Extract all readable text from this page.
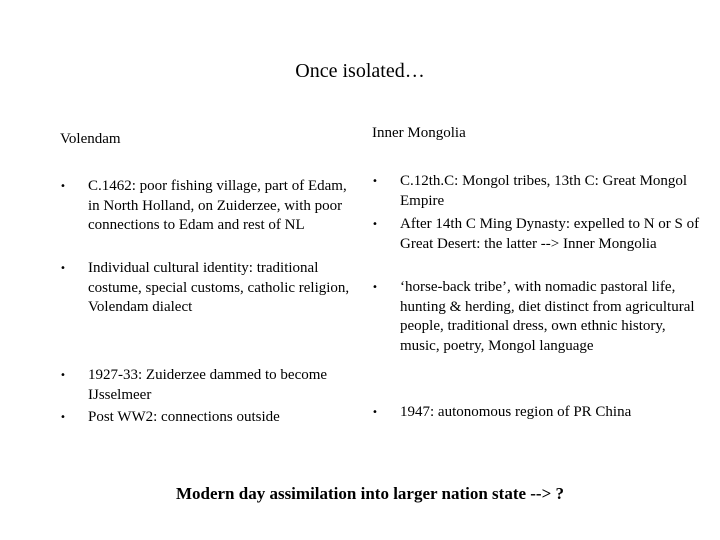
Once isolated…
Volendam
• C.1462: poor fishing village, part of Edam, in North Holland, on Zuiderzee, with poor connections to Edam and rest of NL
• Individual cultural identity: traditional costume, special customs, catholic religion, Volendam dialect
• 1927-33: Zuiderzee dammed to become IJsselmeer
• Post WW2: connections outside
Inner Mongolia
• C.12th.C: Mongol tribes, 13th C: Great Mongol Empire
• After 14th C Ming Dynasty: expelled to N or S of Great Desert: the latter --> Inner Mongolia
• ‘horse-back tribe’, with nomadic pastoral life, hunting & herding, diet distinct from agricultural people, traditional dress, own ethnic history, music, poetry, Mongol language
• 1947: autonomous region of PR China
Modern day assimilation into larger nation state --> ?
